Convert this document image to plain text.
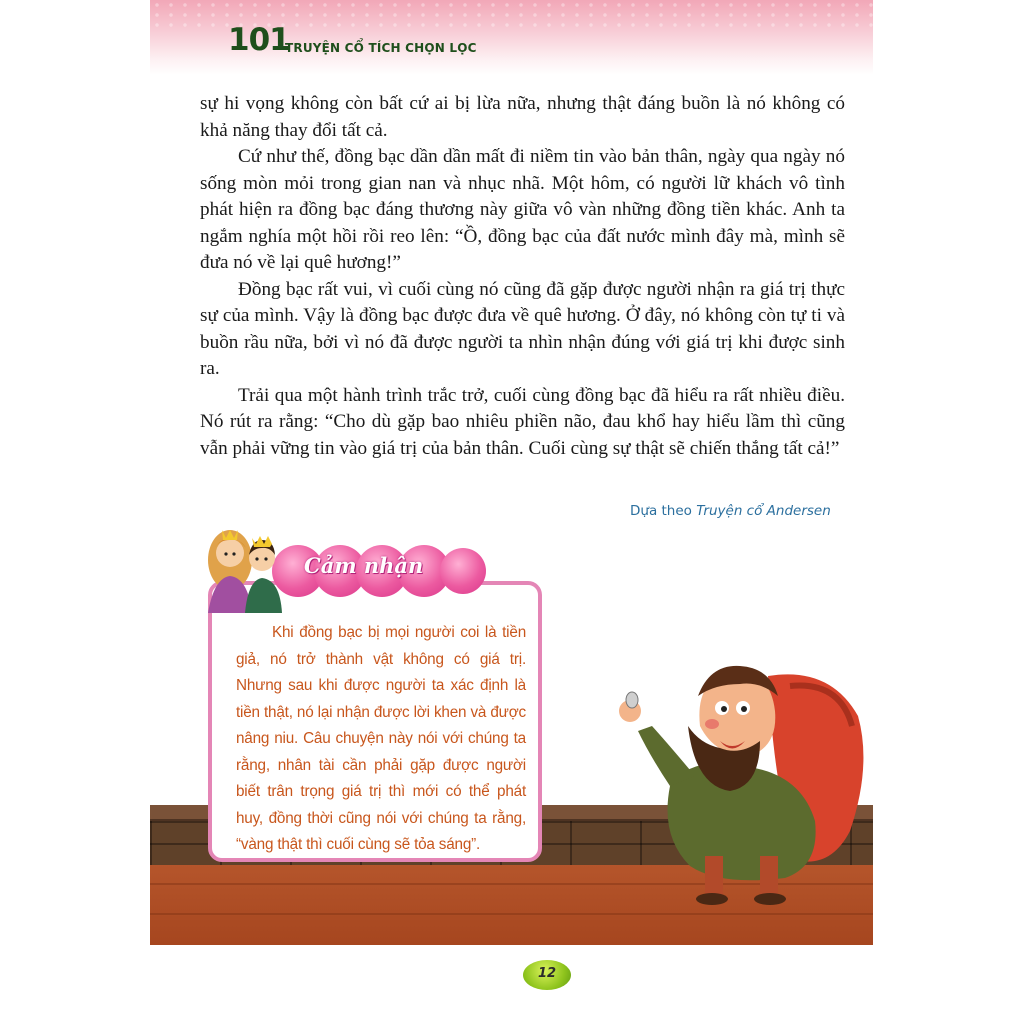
101
TRUYỆN CỔ TÍCH CHỌN LỌC

sự hi vọng không còn bất cứ ai bị lừa nữa, nhưng thật đáng buồn là nó không có khả năng thay đổi tất cả.

Cứ như thế, đồng bạc dần dần mất đi niềm tin vào bản thân, ngày qua ngày nó sống mòn mỏi trong gian nan và nhục nhã. Một hôm, có người lữ khách vô tình phát hiện ra đồng bạc đáng thương này giữa vô vàn những đồng tiền khác. Anh ta ngắm nghía một hồi rồi reo lên: “Ồ, đồng bạc của đất nước mình đây mà, mình sẽ đưa nó về lại quê hương!”

Đồng bạc rất vui, vì cuối cùng nó cũng đã gặp được người nhận ra giá trị thực sự của mình. Vậy là đồng bạc được đưa về quê hương. Ở đây, nó không còn tự ti và buồn rầu nữa, bởi vì nó đã được người ta nhìn nhận đúng với giá trị khi được sinh ra.

Trải qua một hành trình trắc trở, cuối cùng đồng bạc đã hiểu ra rất nhiều điều. Nó rút ra rằng: “Cho dù gặp bao nhiêu phiền não, đau khổ hay hiểu lầm thì cũng vẫn phải vững tin vào giá trị của bản thân. Cuối cùng sự thật sẽ chiến thắng tất cả!”

Dựa theo Truyện cổ Andersen
Khi đồng bạc bị mọi người coi là tiền giả, nó trở thành vật không có giá trị. Nhưng sau khi được người ta xác định là tiền thật, nó lại nhận được lời khen và được nâng niu. Câu chuyện này nói với chúng ta rằng, nhân tài cần phải gặp được người biết trân trọng giá trị thì mới có thể phát huy, đồng thời cũng nói với chúng ta rằng, “vàng thật thì cuối cùng sẽ tỏa sáng”.
Cảm nhận
12
